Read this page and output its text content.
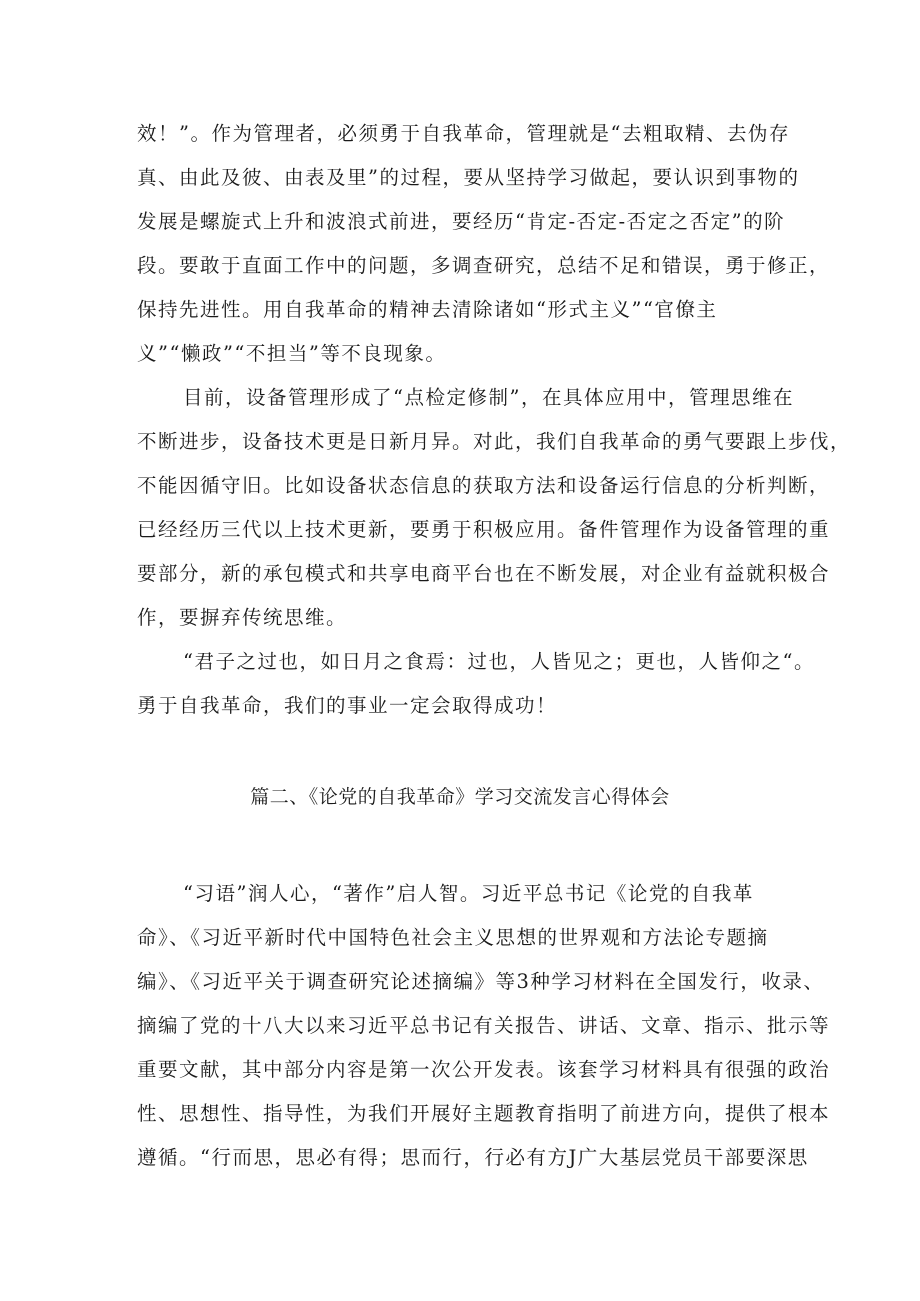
效！”。作为管理者，必须勇于自我革命，管理就是“去粗取精、去伪存
真、由此及彼、由表及里”的过程，要从坚持学习做起，要认识到事物的
发展是螺旋式上升和波浪式前进，要经历“肯定-否定-否定之否定”的阶
段。要敢于直面工作中的问题，多调查研究，总结不足和错误，勇于修正，
保持先进性。用自我革命的精神去清除诸如“形式主义”“官僚主
义”“懒政”“不担当”等不良现象。
目前，设备管理形成了“点检定修制”，在具体应用中，管理思维在
不断进步，设备技术更是日新月异。对此，我们自我革命的勇气要跟上步伐，
不能因循守旧。比如设备状态信息的获取方法和设备运行信息的分析判断，
已经经历三代以上技术更新，要勇于积极应用。备件管理作为设备管理的重
要部分，新的承包模式和共享电商平台也在不断发展，对企业有益就积极合
作，要摒弃传统思维。
“君子之过也，如日月之食焉：过也，人皆见之；更也，人皆仰之“。
勇于自我革命，我们的事业一定会取得成功！
篇二、《论党的自我革命》学习交流发言心得体会
“习语”润人心，“著作”启人智。习近平总书记《论党的自我革
命》、《习近平新时代中国特色社会主义思想的世界观和方法论专题摘
编》、《习近平关于调查研究论述摘编》等3种学习材料在全国发行，收录、
摘编了党的十八大以来习近平总书记有关报告、讲话、文章、指示、批示等
重要文献，其中部分内容是第一次公开发表。该套学习材料具有很强的政治
性、思想性、指导性，为我们开展好主题教育指明了前进方向，提供了根本
遵循。“行而思，思必有得；思而行，行必有方J广大基层党员干部要深思
